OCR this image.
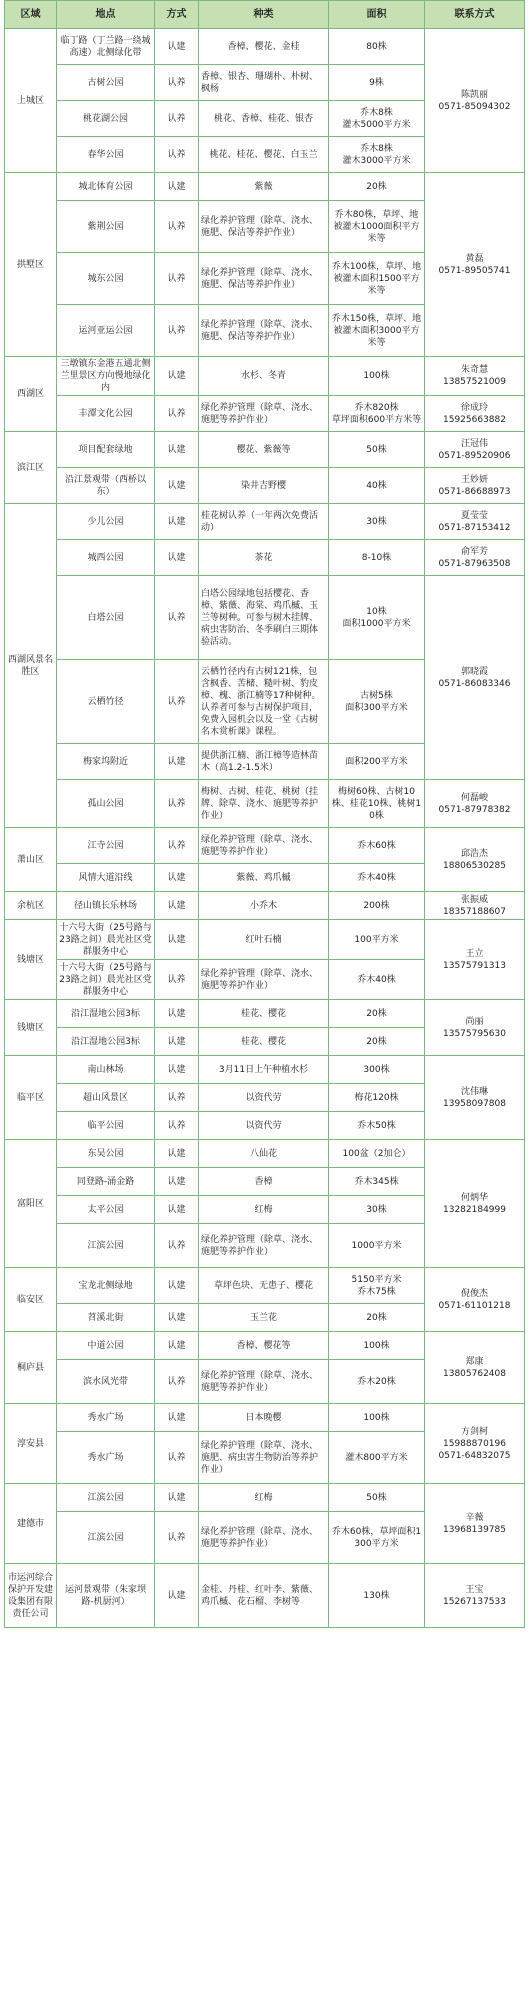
区域	地点	方式	种类	面积	联系方式
上城区	临丁路（丁兰路一绕城高速）北侧绿化带	认建	香樟、樱花、金桂	80株	陈凯丽
0571-85094302
	古树公园	认养	香樟、银杏、珊瑚朴、朴树、枫杨	9株	
	桃花湖公园	认养	桃花、香樟、桂花、银杏	乔木8株
灌木5000平方米	
	春华公园	认养	桃花、桂花、樱花、白玉兰	乔木8株
灌木3000平方米	
拱墅区	城北体育公园	认建	紫薇	20株	黄磊
0571-89505741
	紫荆公园	认养	绿化养护管理（除草、浇水、施肥、保洁等养护作业）	乔木80株，草坪、地被灌木1000面积平方米等	
	城东公园	认养	绿化养护管理（除草、浇水、施肥、保洁等养护作业）	乔木100株，草坪、地被灌木面积1500平方米等	
	运河亚运公园	认养	绿化养护管理（除草、浇水、施肥、保洁等养护作业）	乔木150株，草坪、地被灌木面积3000平方米等	
西湖区	三墩镇东金港五通北侧兰里景区方向慢地绿化内	认建	水杉、冬青	100株	朱奇慧
13857521009
	丰潭文化公园	认养	绿化养护管理（除草、浇水、施肥等养护作业）	乔木820株
草坪面积600平方米等	徐成玲
15925663882
滨江区	项目配套绿地	认建	樱花、紫薇等	50株	汪冠伟
0571-89520906
	沿江景观带（西桥以东）	认建	染井吉野樱	40株	王妙妍
0571-86688973
西湖风景名胜区	少儿公园	认建	桂花树认养（一年两次免费活动）	30株	夏莹莹
0571-87153412
	城西公园	认建	茶花	8-10株	俞军芳
0571-87963508
	白塔公园	认养	白塔公园绿地包括樱花、香樟、紫薇、海棠、鸡爪槭、玉兰等树种。可参与树木挂牌、病虫害防治、冬季刷白三期体验活动。	10株
面积1000平方米	郭晓霞
0571-86083346
	云栖竹径	认养	云栖竹径内有古树121株，包含枫香、苦槠、糙叶树、豹皮樟、槐、浙江楠等17种树种。认养者可参与古树保护项目，免费入园机会以及一堂《古树名木赏析课》课程。	古树5株
面积300平方米	
	梅家坞附近	认建	提供浙江楠、浙江樟等造林苗木（高1.2-1.5米）	面积200平方米	
	孤山公园	认养	梅树、古树、桂花、桃树（挂牌、除草、浇水、施肥等养护作业）	梅树60株、古树10株、桂花10株、桃树10株	何磊峻
0571-87978382
萧山区	江寺公园	认养	绿化养护管理（除草、浇水、施肥等养护作业）	乔木60株	邱浩杰
18806530285
	风情大道沿线	认建	紫薇、鸡爪槭	乔木40株	
余杭区	径山镇长乐林场	认建	小乔木	200株	张振威
18357188607
钱塘区	十六号大街（25号路与23路之间）晨光社区党群服务中心	认建	红叶石楠	100平方米	王立
13575791313
	十六号大街（25号路与23路之间）晨光社区党群服务中心	认养	绿化养护管理（除草、浇水、施肥等养护作业）	乔木40株	
钱塘区	沿江湿地公园3标	认建	桂花、樱花	20株	尚丽
13575795630
	沿江湿地公园3标	认建	桂花、樱花	20株	
临平区	南山林场	认建	3月11日上午种植水杉	300株	沈伟琳
13958097808
	超山风景区	认养	以资代劳	梅花120株	
	临平公园	认养	以资代劳	乔木50株	
富阳区	东吴公园	认建	八仙花	100盆（2加仑）	何炳华
13282184999
	同登路-涌金路	认建	香樟	乔木345株	
	太平公园	认建	红梅	30株	
	江滨公园	认养	绿化养护管理（除草、浇水、施肥等养护作业）	1000平方米	
临安区	宝龙北侧绿地	认建	草坪色块、无患子、樱花	5150平方米
乔木75株	倪俊杰
0571-61101218
	苕溪北街	认建	玉兰花	20株	
桐庐县	中道公园	认建	香樟、樱花等	100株	郑康
13805762408
	滨水风光带	认养	绿化养护管理（除草、浇水、施肥等养护作业）	乔木20株	
淳安县	秀水广场	认建	日本晚樱	100株	方剑柯
15988870196
0571-64832075
	秀水广场	认养	绿化养护管理（除草、浇水、施肥、病虫害生物防治等养护作业）	灌木800平方米	
建德市	江滨公园	认建	红梅	50株	辛薇
13968139785
	江滨公园	认养	绿化养护管理（除草、浇水、施肥等养护作业）	乔木60株，草坪面积1300平方米	
市运河综合保护开发建设集团有限责任公司	运河景观带（朱家坝路-机厨河）	认建	金桂、丹桂、红叶李、紫薇、鸡爪槭、花石榴、李树等	130株	王宝
15267137533
